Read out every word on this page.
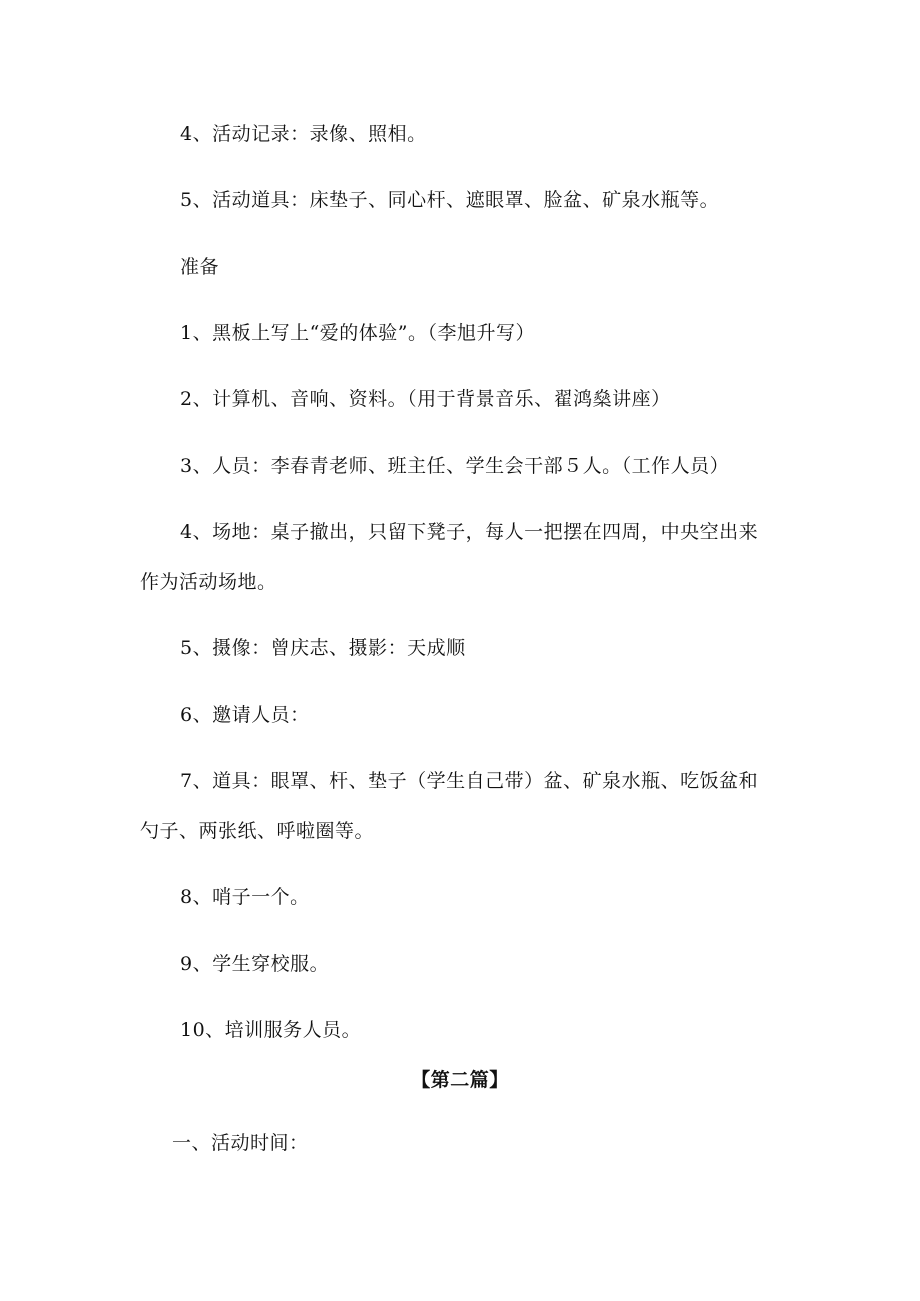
4、活动记录：录像、照相。
5、活动道具：床垫子、同心杆、遮眼罩、脸盆、矿泉水瓶等。
准备
1、黑板上写上“爱的体验”。（李旭升写）
2、计算机、音响、资料。（用于背景音乐、翟鸿燊讲座）
3、人员：李春青老师、班主任、学生会干部５人。（工作人员）
4、场地：桌子撤出，只留下凳子，每人一把摆在四周，中央空出来
作为活动场地。
5、摄像：曾庆志、摄影：天成顺
6、邀请人员：
7、道具：眼罩、杆、垫子（学生自己带）盆、矿泉水瓶、吃饭盆和
勺子、两张纸、呼啦圈等。
8、哨子一个。
9、学生穿校服。
10、培训服务人员。
【第二篇】
一、活动时间：
